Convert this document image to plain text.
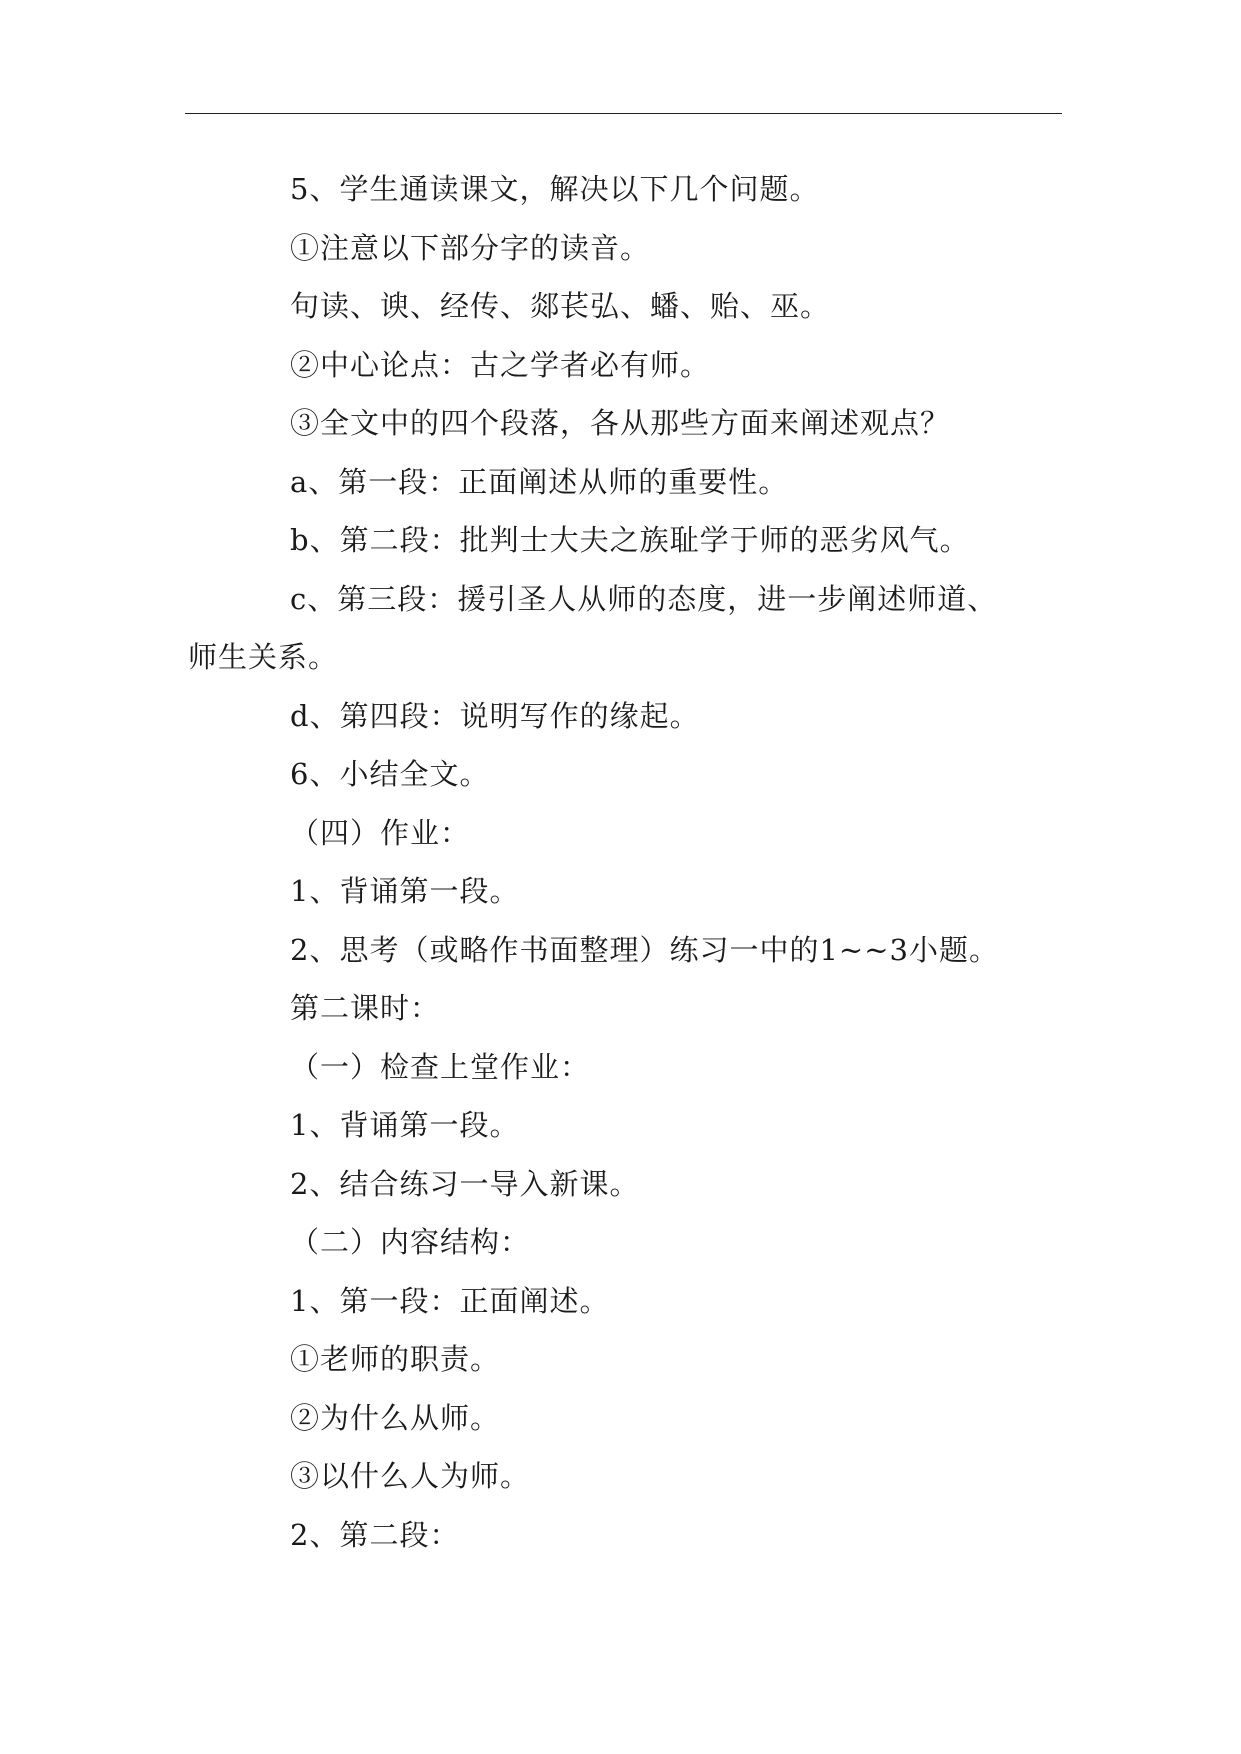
5、学生通读课文，解决以下几个问题。
①注意以下部分字的读音。
句读、谀、经传、郯苌弘、蟠、贻、巫。
②中心论点：古之学者必有师。
③全文中的四个段落，各从那些方面来阐述观点？
a、第一段：正面阐述从师的重要性。
b、第二段：批判士大夫之族耻学于师的恶劣风气。
c、第三段：援引圣人从师的态度，进一步阐述师道、
师生关系。
d、第四段：说明写作的缘起。
6、小结全文。
（四）作业：
1、背诵第一段。
2、思考（或略作书面整理）练习一中的1~~3小题。
第二课时：
（一）检查上堂作业：
1、背诵第一段。
2、结合练习一导入新课。
（二）内容结构：
1、第一段：正面阐述。
①老师的职责。
②为什么从师。
③以什么人为师。
2、第二段：
